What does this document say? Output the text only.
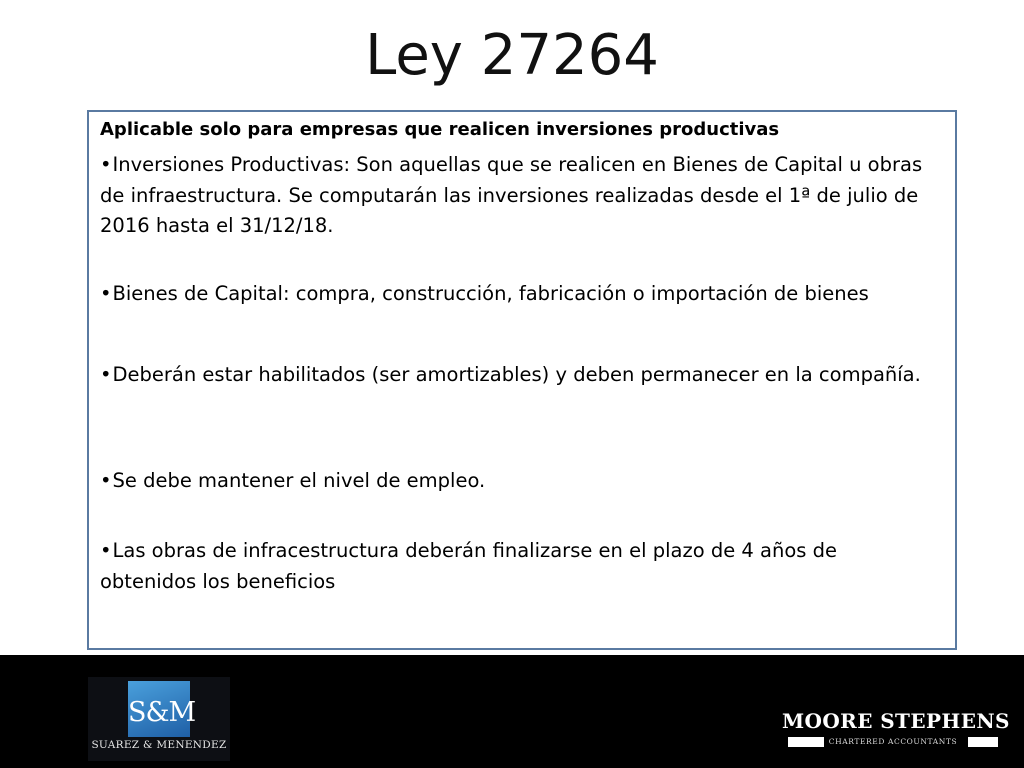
Ley 27264
Aplicable solo para empresas que realicen inversiones productivas
•Inversiones Productivas: Son aquellas que se realicen en Bienes de Capital u obras de infraestructura. Se computarán las inversiones realizadas desde el 1ª de julio de 2016 hasta el 31/12/18.
•Bienes de Capital: compra, construcción, fabricación o importación de bienes
•Deberán estar habilitados (ser amortizables) y deben permanecer en la compañía.
•Se debe mantener el nivel de empleo.
•Las obras de infracestructura deberán finalizarse en el plazo de 4 años de obtenidos los beneficios
S&M
SUAREZ & MENENDEZ
MOORE STEPHENS
CHARTERED ACCOUNTANTS
